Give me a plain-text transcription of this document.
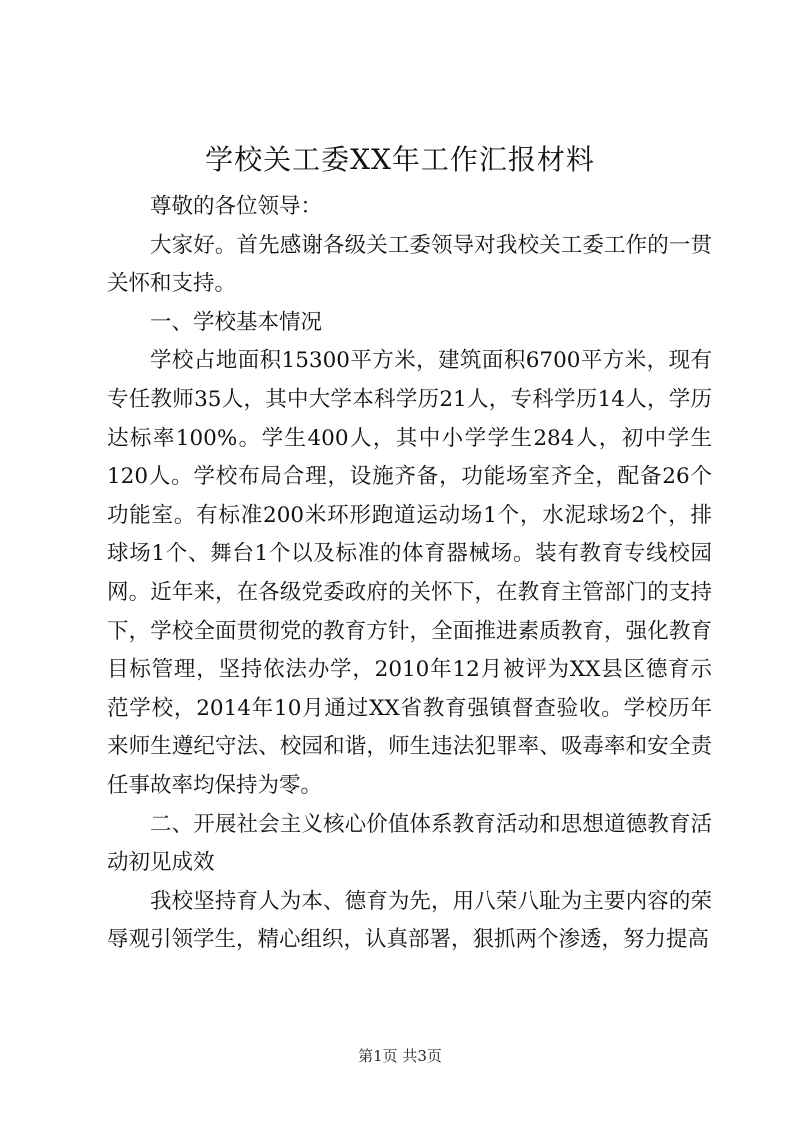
学校关工委XX年工作汇报材料

尊敬的各位领导：

大家好。首先感谢各级关工委领导对我校关工委工作的一贯关怀和支持。

一、学校基本情况

学校占地面积15300平方米，建筑面积6700平方米，现有专任教师35人，其中大学本科学历21人，专科学历14人，学历达标率100%。学生400人，其中小学学生284人，初中学生120人。学校布局合理，设施齐备，功能场室齐全，配备26个功能室。有标准200米环形跑道运动场1个，水泥球场2个，排球场1个、舞台1个以及标准的体育器械场。装有教育专线校园网。近年来，在各级党委政府的关怀下，在教育主管部门的支持下，学校全面贯彻党的教育方针，全面推进素质教育，强化教育目标管理，坚持依法办学，2010年12月被评为XX县区德育示范学校，2014年10月通过XX省教育强镇督查验收。学校历年来师生遵纪守法、校园和谐，师生违法犯罪率、吸毒率和安全责任事故率均保持为零。

二、开展社会主义核心价值体系教育活动和思想道德教育活动初见成效

我校坚持育人为本、德育为先，用八荣八耻为主要内容的荣辱观引领学生，精心组织，认真部署，狠抓两个渗透，努力提高

第1页 共3页
